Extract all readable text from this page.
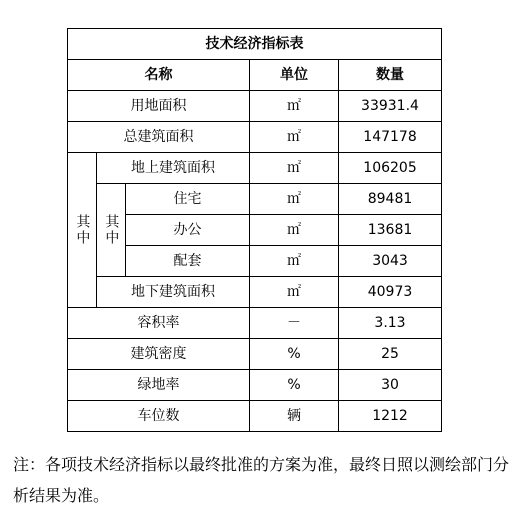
技术经济指标表				
名称			单位	数量
用地面积			㎡	33931.4
总建筑面积			㎡	147178
其中	地上建筑面积		㎡	106205
	其中	住宅	㎡	89481
		办公	㎡	13681
		配套	㎡	3043
	地下建筑面积		㎡	40973
容积率			－	3.13
建筑密度			%	25
绿地率			%	30
车位数			辆	1212

注：各项技术经济指标以最终批准的方案为准，最终日照以测绘部门分析结果为准。
